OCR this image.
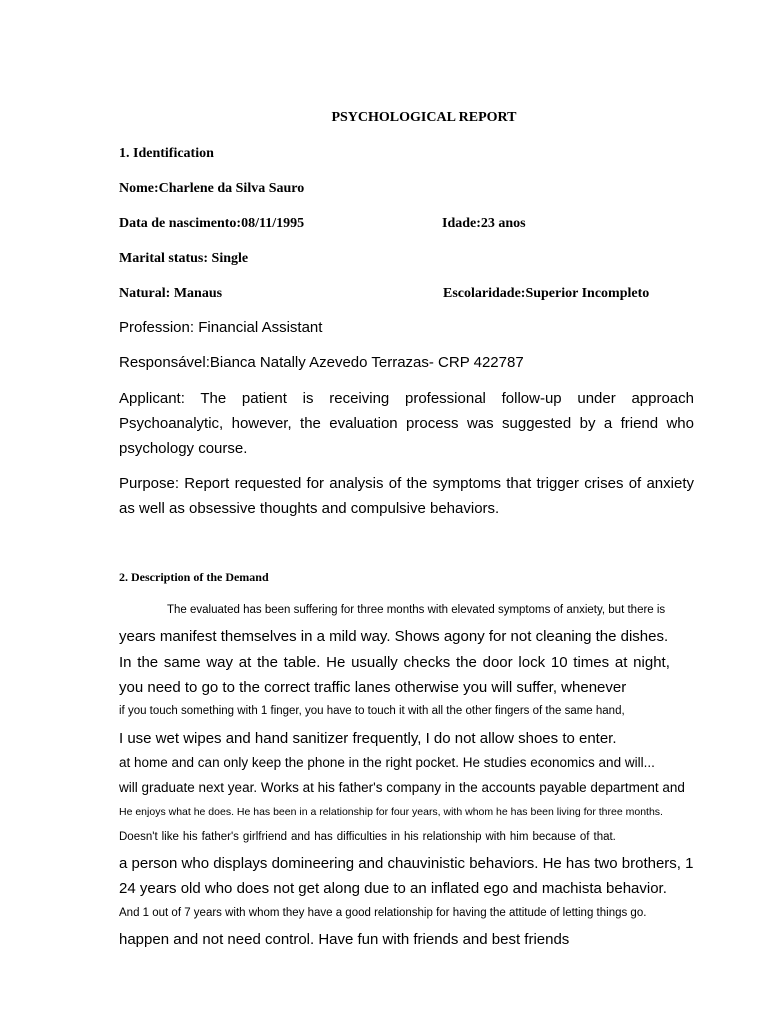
PSYCHOLOGICAL REPORT
1. Identification
Nome:Charlene da Silva Sauro
Data de nascimento:08/11/1995	Idade:23 anos
Marital status: Single
Natural: Manaus	Escolaridade:Superior Incompleto
Profession: Financial Assistant
Responsável:Bianca Natally Azevedo Terrazas- CRP 422787
Applicant: The patient is receiving professional follow-up under approach Psychoanalytic, however, the evaluation process was suggested by a friend who psychology course.
Purpose: Report requested for analysis of the symptoms that trigger crises of anxiety as well as obsessive thoughts and compulsive behaviors.
2. Description of the Demand
The evaluated has been suffering for three months with elevated symptoms of anxiety, but there is
years manifest themselves in a mild way. Shows agony for not cleaning the dishes.
In the same way at the table. He usually checks the door lock 10 times at night,
you need to go to the correct traffic lanes otherwise you will suffer, whenever
if you touch something with 1 finger, you have to touch it with all the other fingers of the same hand,
I use wet wipes and hand sanitizer frequently, I do not allow shoes to enter.
at home and can only keep the phone in the right pocket. He studies economics and will...
will graduate next year. Works at his father's company in the accounts payable department and
He enjoys what he does. He has been in a relationship for four years, with whom he has been living for three months.
Doesn't like his father's girlfriend and has difficulties in his relationship with him because of that.
a person who displays domineering and chauvinistic behaviors. He has two brothers, 1
24 years old who does not get along due to an inflated ego and machista behavior.
And 1 out of 7 years with whom they have a good relationship for having the attitude of letting things go.
happen and not need control. Have fun with friends and best friends
